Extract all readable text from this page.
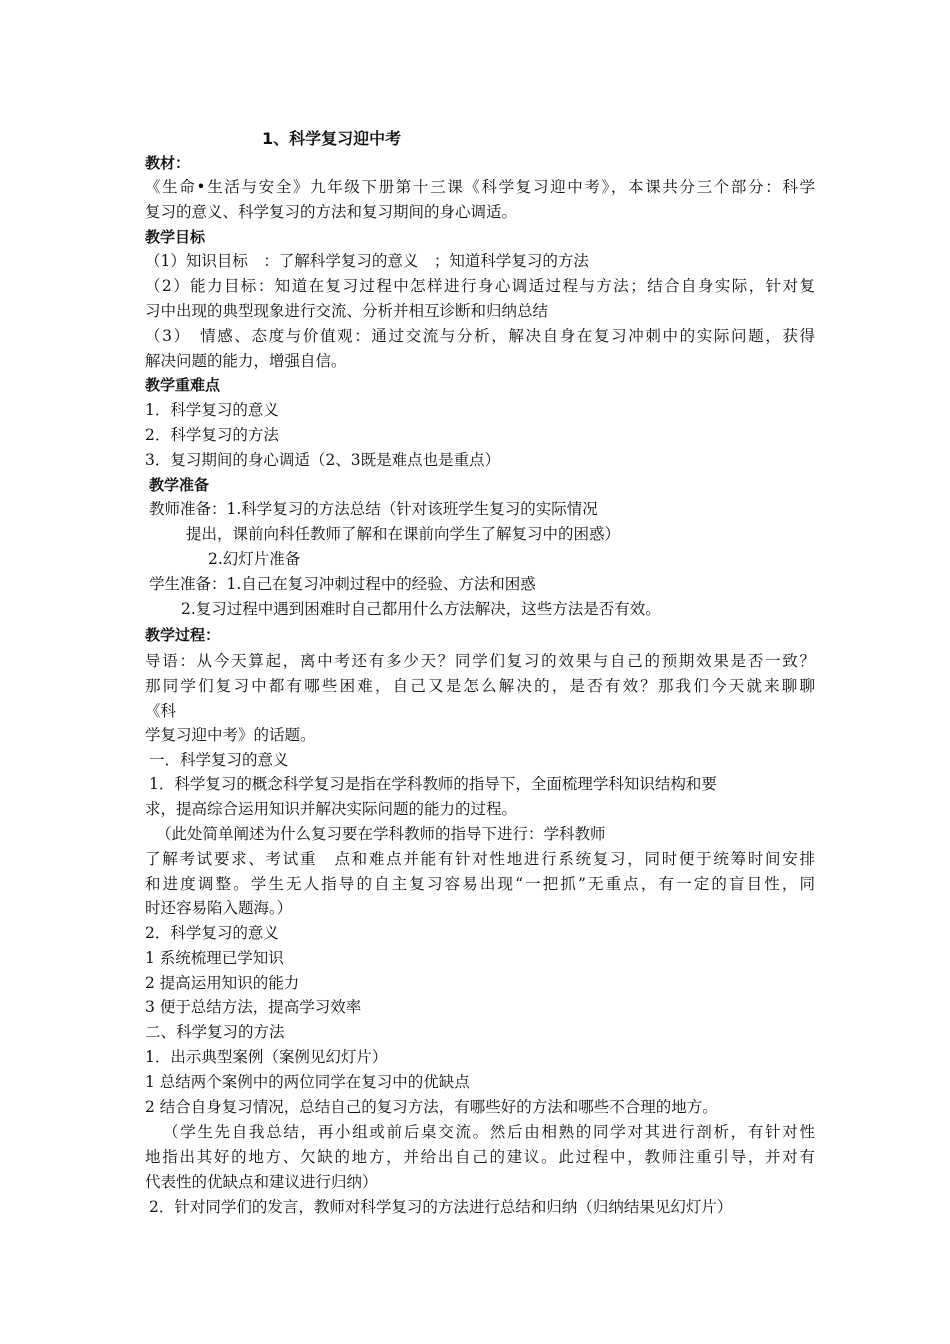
1、科学复习迎中考
教材：
《生命•生活与安全》九年级下册第十三课《科学复习迎中考》，本课共分三个部分：科学
复习的意义、科学复习的方法和复习期间的身心调适。
教学目标
（1）知识目标　：了解科学复习的意义　；知道科学复习的方法
（2）能力目标：知道在复习过程中怎样进行身心调适过程与方法；结合自身实际，针对复
习中出现的典型现象进行交流、分析并相互诊断和归纳总结
（3）　情感、态度与价值观：通过交流与分析，解决自身在复习冲刺中的实际问题，获得
解决问题的能力，增强自信。
教学重难点
1．科学复习的意义
2．科学复习的方法
3．复习期间的身心调适（2、3既是难点也是重点）
教学准备
教师准备：1.科学复习的方法总结（针对该班学生复习的实际情况
提出，课前向科任教师了解和在课前向学生了解复习中的困惑）
2.幻灯片准备
学生准备：1.自己在复习冲刺过程中的经验、方法和困惑
2.复习过程中遇到困难时自己都用什么方法解决，这些方法是否有效。
教学过程：
导语：从今天算起，离中考还有多少天？同学们复习的效果与自己的预期效果是否一致？
那同学们复习中都有哪些困难，自己又是怎么解决的，是否有效？那我们今天就来聊聊
《科
学复习迎中考》的话题。
一．科学复习的意义
1．科学复习的概念科学复习是指在学科教师的指导下，全面梳理学科知识结构和要
求，提高综合运用知识并解决实际问题的能力的过程。
（此处简单阐述为什么复习要在学科教师的指导下进行：学科教师
了解考试要求、考试重　点和难点并能有针对性地进行系统复习，同时便于统筹时间安排
和进度调整。学生无人指导的自主复习容易出现“一把抓”无重点，有一定的盲目性，同
时还容易陷入题海。）
2．科学复习的意义
1 系统梳理已学知识
2 提高运用知识的能力
3 便于总结方法，提高学习效率
二、科学复习的方法
1．出示典型案例（案例见幻灯片）
1 总结两个案例中的两位同学在复习中的优缺点
2 结合自身复习情况，总结自己的复习方法，有哪些好的方法和哪些不合理的地方。
（学生先自我总结，再小组或前后桌交流。然后由相熟的同学对其进行剖析，有针对性
地指出其好的地方、欠缺的地方，并给出自己的建议。此过程中，教师注重引导，并对有
代表性的优缺点和建议进行归纳）
2．针对同学们的发言，教师对科学复习的方法进行总结和归纳（归纳结果见幻灯片）
